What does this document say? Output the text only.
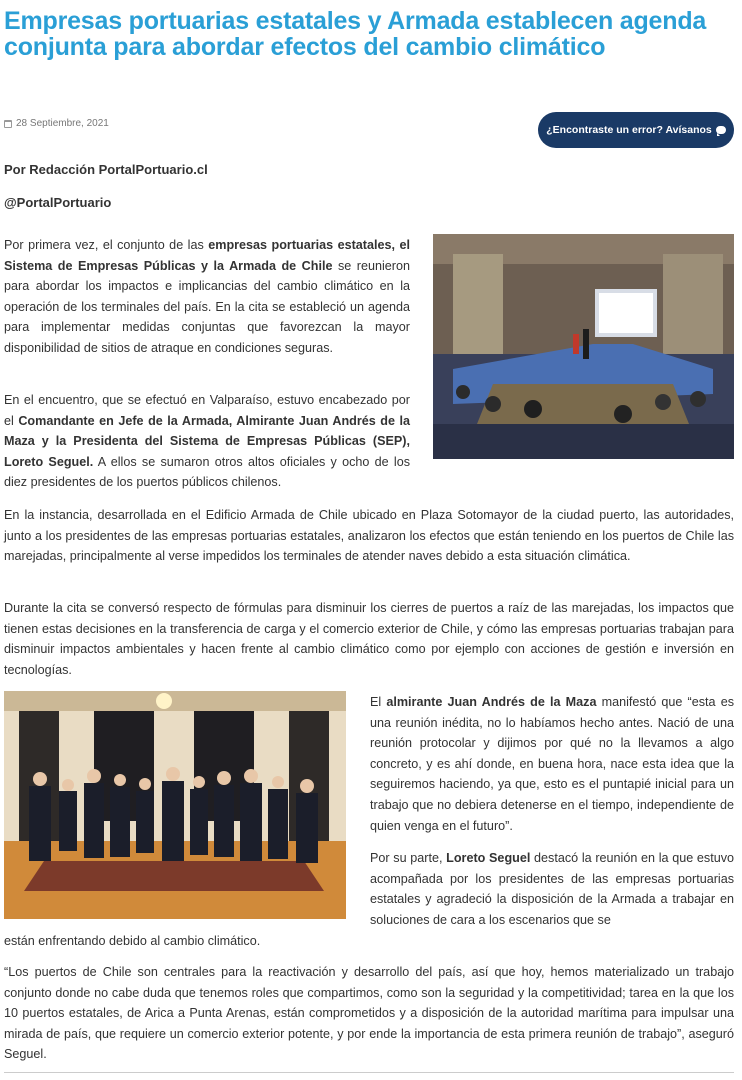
Empresas portuarias estatales y Armada establecen agenda conjunta para abordar efectos del cambio climático
28 Septiembre, 2021
¿Encontraste un error? Avísanos
Por Redacción PortalPortuario.cl
@PortalPortuario

Por primera vez, el conjunto de las empresas portuarias estatales, el Sistema de Empresas Públicas y la Armada de Chile se reunieron para abordar los impactos e implicancias del cambio climático en la operación de los terminales del país. En la cita se estableció un agenda para implementar medidas conjuntas que favorezcan la mayor disponibilidad de sitios de atraque en condiciones seguras.

En el encuentro, que se efectuó en Valparaíso, estuvo encabezado por el Comandante en Jefe de la Armada, Almirante Juan Andrés de la Maza y la Presidenta del Sistema de Empresas Públicas (SEP), Loreto Seguel. A ellos se sumaron otros altos oficiales y ocho de los diez presidentes de los puertos públicos chilenos.

En la instancia, desarrollada en el Edificio Armada de Chile ubicado en Plaza Sotomayor de la ciudad puerto, las autoridades, junto a los presidentes de las empresas portuarias estatales, analizaron los efectos que están teniendo en los puertos de Chile las marejadas, principalmente al verse impedidos los terminales de atender naves debido a esta situación climática.

Durante la cita se conversó respecto de fórmulas para disminuir los cierres de puertos a raíz de las marejadas, los impactos que tienen estas decisiones en la transferencia de carga y el comercio exterior de Chile, y cómo las empresas portuarias trabajan para disminuir impactos ambientales y hacen frente al cambio climático como por ejemplo con acciones de gestión e inversión en tecnologías.

El almirante Juan Andrés de la Maza manifestó que “esta es una reunión inédita, no lo habíamos hecho antes. Nació de una reunión protocolar y dijimos por qué no la llevamos a algo concreto, y es ahí donde, en buena hora, nace esta idea que la seguiremos haciendo, ya que, esto es el puntapié inicial para un trabajo que no debiera detenerse en el tiempo, independiente de quien venga en el futuro”.

Por su parte, Loreto Seguel destacó la reunión en la que estuvo acompañada por los presidentes de las empresas portuarias estatales y agradeció la disposición de la Armada a trabajar en soluciones de cara a los escenarios que se

están enfrentando debido al cambio climático.

“Los puertos de Chile son centrales para la reactivación y desarrollo del país, así que hoy, hemos materializado un trabajo conjunto donde no cabe duda que tenemos roles que compartimos, como son la seguridad y la competitividad; tarea en la que los 10 puertos estatales, de Arica a Punta Arenas, están comprometidos y a disposición de la autoridad marítima para impulsar una mirada de país, que requiere un comercio exterior potente, y por ende la importancia de esta primera reunión de trabajo”, aseguró Seguel.
